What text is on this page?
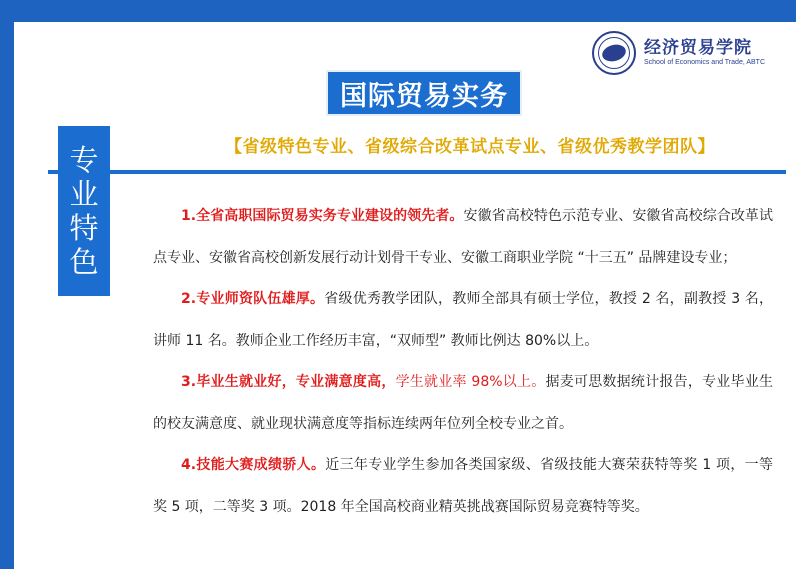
经济贸易学院
School of Economics and Trade, ABTC
国际贸易实务
专
业
特
色
【省级特色专业、省级综合改革试点专业、省级优秀教学团队】

1.全省高职国际贸易实务专业建设的领先者。安徽省高校特色示范专业、安徽省高校综合改革试点专业、安徽省高校创新发展行动计划骨干专业、安徽工商职业学院 “十三五” 品牌建设专业；

2.专业师资队伍雄厚。省级优秀教学团队，教师全部具有硕士学位，教授 2 名，副教授 3 名，讲师 11 名。教师企业工作经历丰富，“双师型” 教师比例达 80%以上。

3.毕业生就业好，专业满意度高，学生就业率 98%以上。据麦可思数据统计报告，专业毕业生的校友满意度、就业现状满意度等指标连续两年位列全校专业之首。

4.技能大赛成绩骄人。近三年专业学生参加各类国家级、省级技能大赛荣获特等奖 1 项，一等奖 5 项，二等奖 3 项。2018 年全国高校商业精英挑战赛国际贸易竞赛特等奖。
